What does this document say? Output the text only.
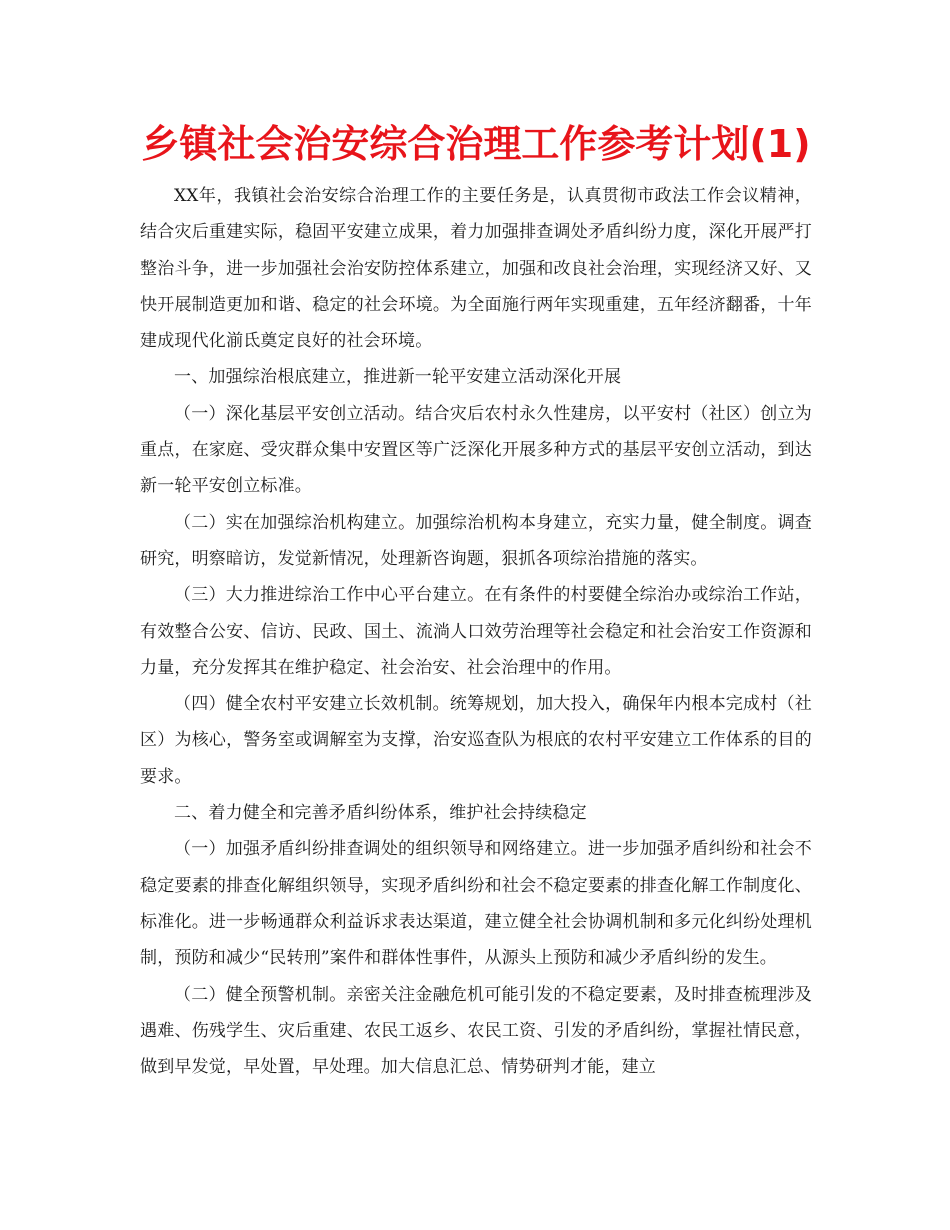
乡镇社会治安综合治理工作参考计划(1)

XX年，我镇社会治安综合治理工作的主要任务是，认真贯彻市政法工作会议精神，结合灾后重建实际，稳固平安建立成果，着力加强排查调处矛盾纠纷力度，深化开展严打整治斗争，进一步加强社会治安防控体系建立，加强和改良社会治理，实现经济又好、又快开展制造更加和谐、稳定的社会环境。为全面施行两年实现重建，五年经济翻番，十年建成现代化湔氐奠定良好的社会环境。

一、加强综治根底建立，推进新一轮平安建立活动深化开展

（一）深化基层平安创立活动。结合灾后农村永久性建房，以平安村（社区）创立为重点，在家庭、受灾群众集中安置区等广泛深化开展多种方式的基层平安创立活动，到达新一轮平安创立标准。

（二）实在加强综治机构建立。加强综治机构本身建立，充实力量，健全制度。调查研究，明察暗访，发觉新情况，处理新咨询题，狠抓各项综治措施的落实。

（三）大力推进综治工作中心平台建立。在有条件的村要健全综治办或综治工作站，有效整合公安、信访、民政、国土、流淌人口效劳治理等社会稳定和社会治安工作资源和力量，充分发挥其在维护稳定、社会治安、社会治理中的作用。

（四）健全农村平安建立长效机制。统筹规划，加大投入，确保年内根本完成村（社区）为核心，警务室或调解室为支撑，治安巡查队为根底的农村平安建立工作体系的目的要求。

二、着力健全和完善矛盾纠纷体系，维护社会持续稳定

（一）加强矛盾纠纷排查调处的组织领导和网络建立。进一步加强矛盾纠纷和社会不稳定要素的排查化解组织领导，实现矛盾纠纷和社会不稳定要素的排查化解工作制度化、标准化。进一步畅通群众利益诉求表达渠道，建立健全社会协调机制和多元化纠纷处理机制，预防和减少“民转刑”案件和群体性事件，从源头上预防和减少矛盾纠纷的发生。

（二）健全预警机制。亲密关注金融危机可能引发的不稳定要素，及时排查梳理涉及遇难、伤残学生、灾后重建、农民工返乡、农民工资、引发的矛盾纠纷，掌握社情民意，做到早发觉，早处置，早处理。加大信息汇总、情势研判才能，建立
